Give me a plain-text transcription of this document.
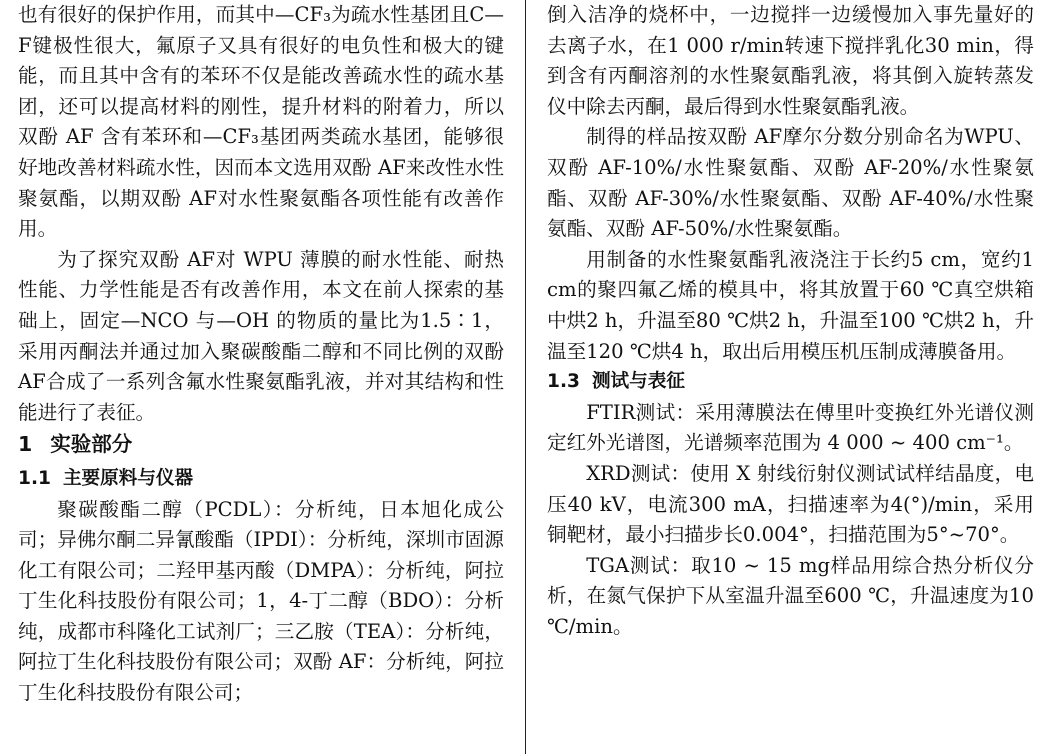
也有很好的保护作用，而其中—CF₃为疏水性基团且C—F键极性很大，氟原子又具有很好的电负性和极大的键能，而且其中含有的苯环不仅是能改善疏水性的疏水基团，还可以提高材料的刚性，提升材料的附着力，所以双酚 AF 含有苯环和—CF₃基团两类疏水基团，能够很好地改善材料疏水性，因而本文选用双酚 AF来改性水性聚氨酯，以期双酚 AF对水性聚氨酯各项性能有改善作用。

为了探究双酚 AF对 WPU 薄膜的耐水性能、耐热性能、力学性能是否有改善作用，本文在前人探索的基础上，固定—NCO 与—OH 的物质的量比为1.5∶1，采用丙酮法并通过加入聚碳酸酯二醇和不同比例的双酚 AF合成了一系列含氟水性聚氨酯乳液，并对其结构和性能进行了表征。

1 实验部分
1.1 主要原料与仪器

聚碳酸酯二醇（PCDL）：分析纯，日本旭化成公司；异佛尔酮二异氰酸酯（IPDI）：分析纯，深圳市固源化工有限公司；二羟甲基丙酸（DMPA）：分析纯，阿拉丁生化科技股份有限公司；1，4-丁二醇（BDO）：分析纯，成都市科隆化工试剂厂；三乙胺（TEA）：分析纯，阿拉丁生化科技股份有限公司；双酚 AF：分析纯，阿拉丁生化科技股份有限公司；

倒入洁净的烧杯中，一边搅拌一边缓慢加入事先量好的去离子水，在1 000 r/min转速下搅拌乳化30 min，得到含有丙酮溶剂的水性聚氨酯乳液，将其倒入旋转蒸发仪中除去丙酮，最后得到水性聚氨酯乳液。

制得的样品按双酚 AF摩尔分数分别命名为WPU、双酚 AF-10%/水性聚氨酯、双酚 AF-20%/水性聚氨酯、双酚 AF-30%/水性聚氨酯、双酚 AF-40%/水性聚氨酯、双酚 AF-50%/水性聚氨酯。

用制备的水性聚氨酯乳液浇注于长约5 cm，宽约1 cm的聚四氟乙烯的模具中，将其放置于60 ℃真空烘箱中烘2 h，升温至80 ℃烘2 h，升温至100 ℃烘2 h，升温至120 ℃烘4 h，取出后用模压机压制成薄膜备用。

1.3 测试与表征

FTIR测试：采用薄膜法在傅里叶变换红外光谱仪测定红外光谱图，光谱频率范围为 4 000 ~ 400 cm⁻¹。

XRD测试：使用 X 射线衍射仪测试试样结晶度，电压40 kV，电流300 mA，扫描速率为4(°)/min，采用铜靶材，最小扫描步长0.004°，扫描范围为5°~70°。

TGA测试：取10 ~ 15 mg样品用综合热分析仪分析，在氮气保护下从室温升温至600 ℃，升温速度为10 ℃/min。
